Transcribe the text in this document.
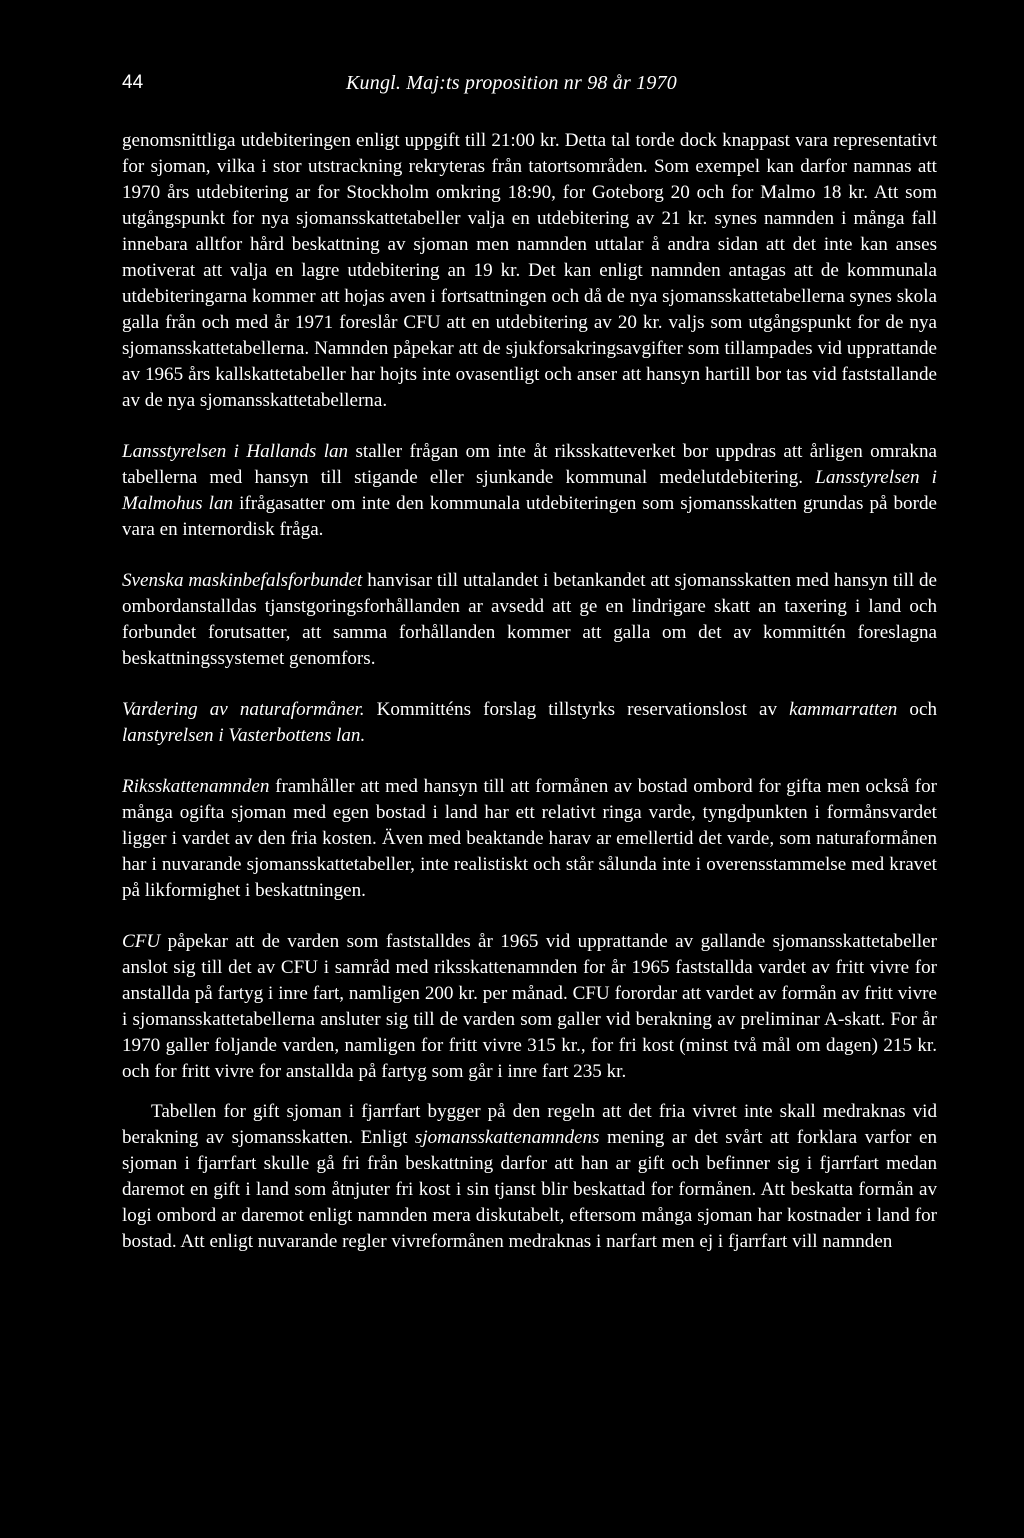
44	Kungl. Maj:ts proposition nr 98 år 1970

genomsnittliga utdebiteringen enligt uppgift till 21:00 kr. Detta tal torde dock knappast vara representativt for sjoman, vilka i stor utstrackning rekryteras från tatortsområden. Som exempel kan darfor namnas att 1970 års utdebitering ar for Stockholm omkring 18:90, for Goteborg 20 och for Malmo 18 kr. Att som utgångspunkt for nya sjomansskattetabeller valja en utdebitering av 21 kr. synes namnden i många fall innebara alltfor hård beskattning av sjoman men namnden uttalar å andra sidan att det inte kan anses motiverat att valja en lagre utdebitering an 19 kr. Det kan enligt namnden antagas att de kommunala utdebiteringarna kommer att hojas aven i fortsattningen och då de nya sjomansskattetabellerna synes skola galla från och med år 1971 foreslår CFU att en utdebitering av 20 kr. valjs som utgångspunkt for de nya sjomansskattetabellerna. Namnden påpekar att de sjukforsakringsavgifter som tillampades vid upprattande av 1965 års kallskattetabeller har hojts inte ovasentligt och anser att hansyn hartill bor tas vid faststallande av de nya sjomansskattetabellerna.

Lansstyrelsen i Hallands lan staller frågan om inte åt riksskatteverket bor uppdras att årligen omrakna tabellerna med hansyn till stigande eller sjunkande kommunal medelutdebitering. Lansstyrelsen i Malmohus lan ifrågasatter om inte den kommunala utdebiteringen som sjomansskatten grundas på borde vara en internordisk fråga.

Svenska maskinbefalsforbundet hanvisar till uttalandet i betankandet att sjomansskatten med hansyn till de ombordanstalldas tjanstgoringsforhållanden ar avsedd att ge en lindrigare skatt an taxering i land och forbundet forutsatter, att samma forhållanden kommer att galla om det av kommittén foreslagna beskattningssystemet genomfors.

Vardering av naturaformåner. Kommitténs forslag tillstyrks reservationslost av kammarratten och lanstyrelsen i Vasterbottens lan.

Riksskattenamnden framhåller att med hansyn till att formånen av bostad ombord for gifta men också for många ogifta sjoman med egen bostad i land har ett relativt ringa varde, tyngdpunkten i formånsvardet ligger i vardet av den fria kosten. Även med beaktande harav ar emellertid det varde, som naturaformånen har i nuvarande sjomansskattetabeller, inte realistiskt och står sålunda inte i overensstammelse med kravet på likformighet i beskattningen.

CFU påpekar att de varden som faststalldes år 1965 vid upprattande av gallande sjomansskattetabeller anslot sig till det av CFU i samråd med riksskattenamnden for år 1965 faststallda vardet av fritt vivre for anstallda på fartyg i inre fart, namligen 200 kr. per månad. CFU forordar att vardet av formån av fritt vivre i sjomansskattetabellerna ansluter sig till de varden som galler vid berakning av preliminar A-skatt. For år 1970 galler foljande varden, namligen for fritt vivre 315 kr., for fri kost (minst två mål om dagen) 215 kr. och for fritt vivre for anstallda på fartyg som går i inre fart 235 kr.

Tabellen for gift sjoman i fjarrfart bygger på den regeln att det fria vivret inte skall medraknas vid berakning av sjomansskatten. Enligt sjomansskattenamndens mening ar det svårt att forklara varfor en sjoman i fjarrfart skulle gå fri från beskattning darfor att han ar gift och befinner sig i fjarrfart medan daremot en gift i land som åtnjuter fri kost i sin tjanst blir beskattad for formånen. Att beskatta formån av logi ombord ar daremot enligt namnden mera diskutabelt, eftersom många sjoman har kostnader i land for bostad. Att enligt nuvarande regler vivreformånen medraknas i narfart men ej i fjarrfart vill namnden
